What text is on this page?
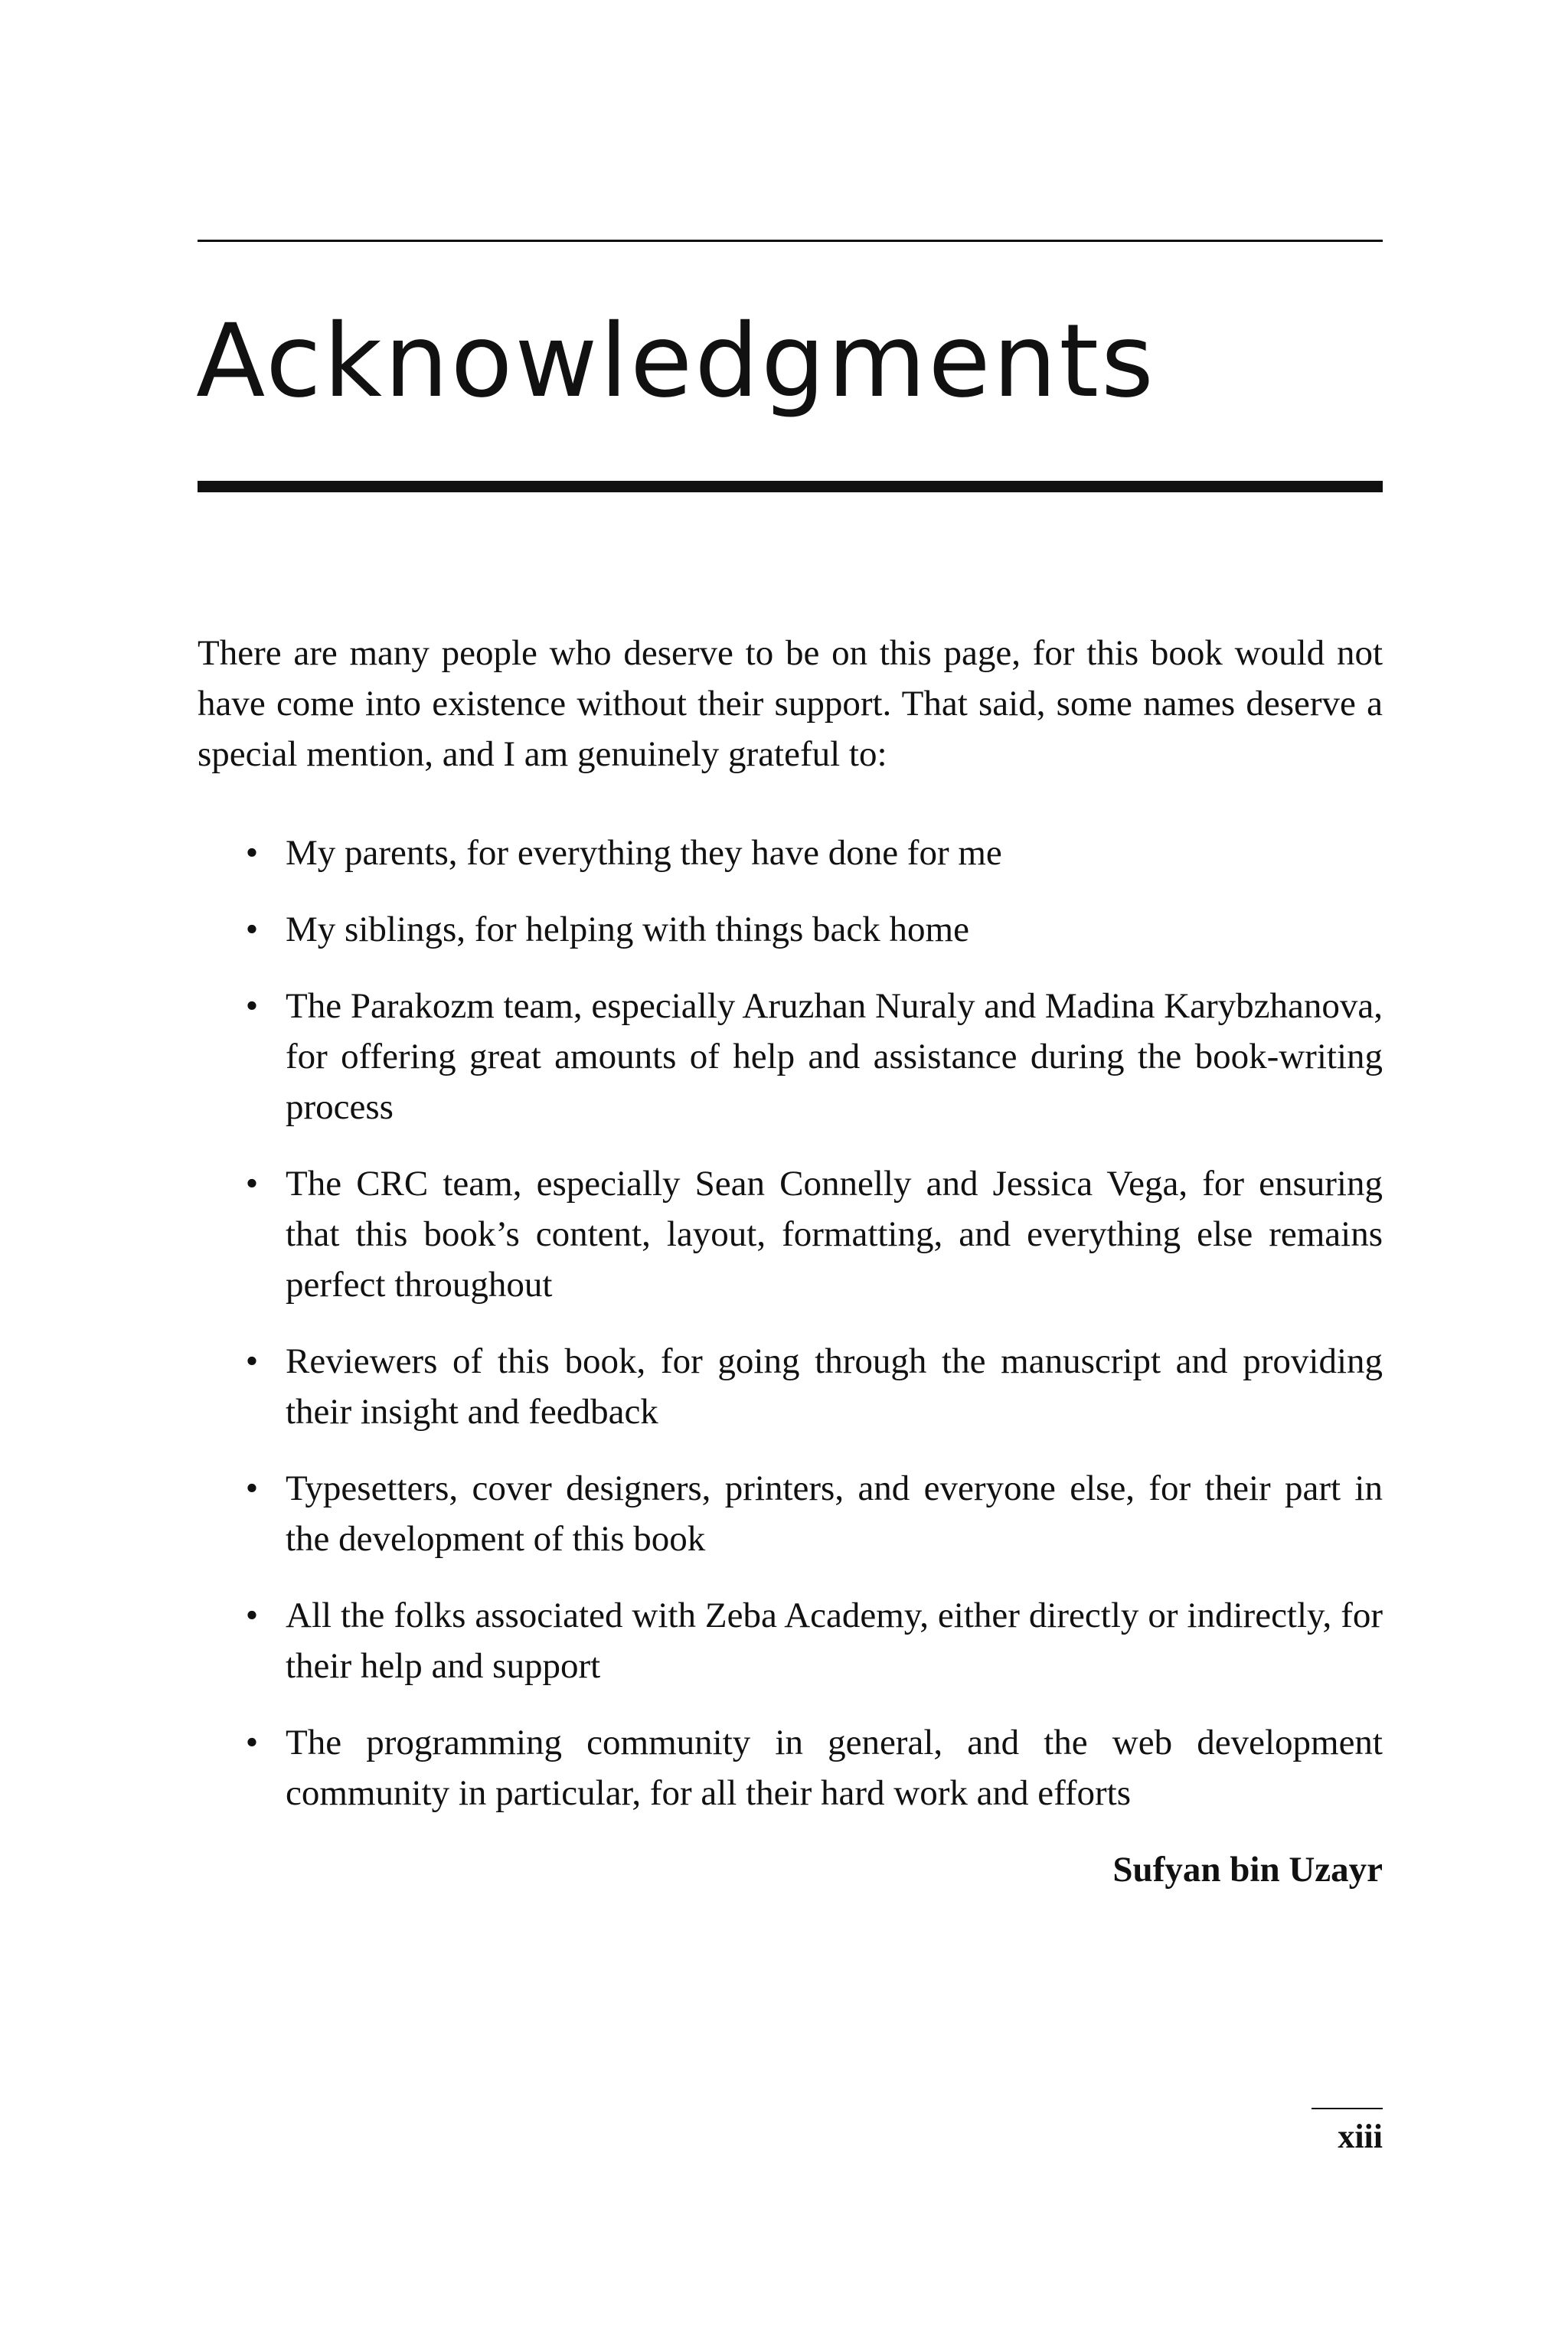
Acknowledgments

There are many people who deserve to be on this page, for this book would not have come into existence without their support. That said, some names deserve a special mention, and I am genuinely grateful to:

• My parents, for everything they have done for me
• My siblings, for helping with things back home
• The Parakozm team, especially Aruzhan Nuraly and Madina Karybzhanova, for offering great amounts of help and assistance during the book-writing process
• The CRC team, especially Sean Connelly and Jessica Vega, for ensuring that this book’s content, layout, formatting, and everything else remains perfect throughout
• Reviewers of this book, for going through the manuscript and providing their insight and feedback
• Typesetters, cover designers, printers, and everyone else, for their part in the development of this book
• All the folks associated with Zeba Academy, either directly or indirectly, for their help and support
• The programming community in general, and the web development community in particular, for all their hard work and efforts

Sufyan bin Uzayr

xiii
